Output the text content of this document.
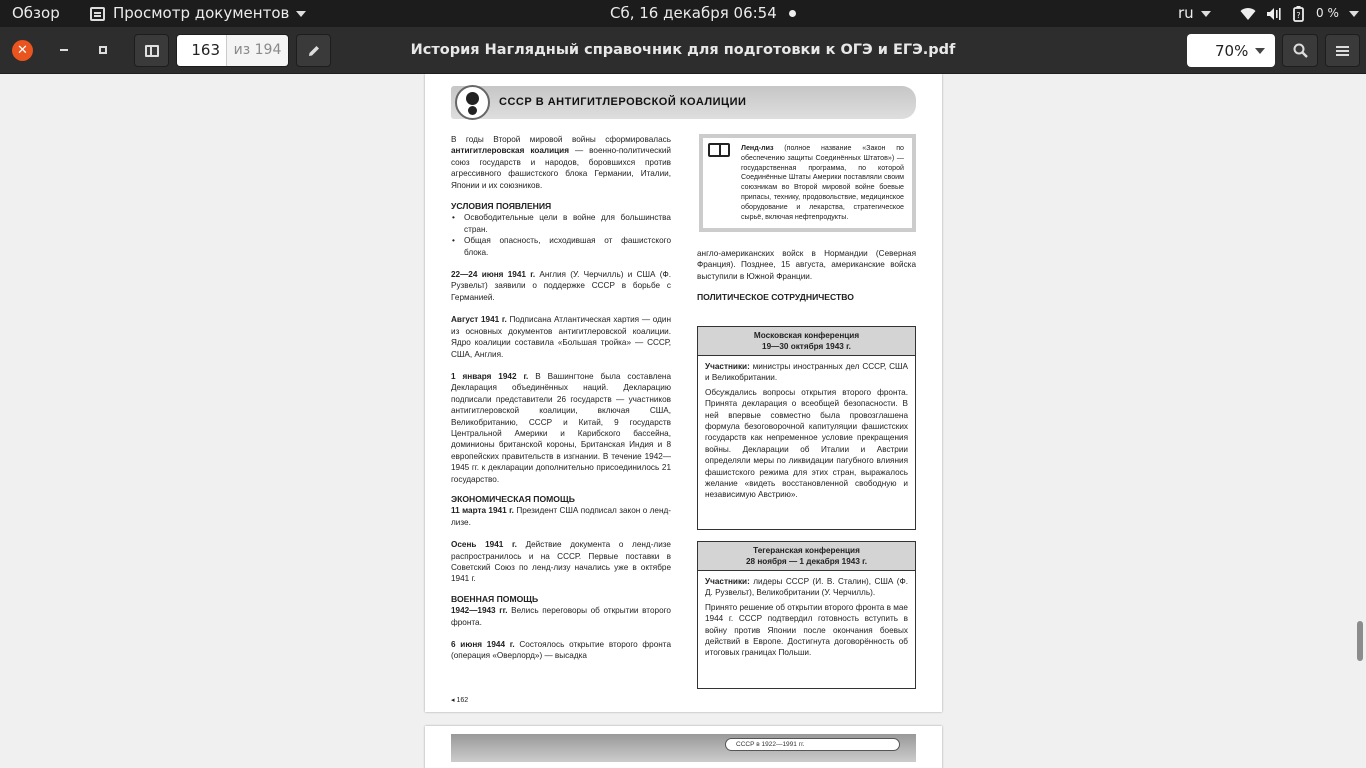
Обзор	Просмотр документов	Сб, 16 декабря 06:54	ru	? 0 %
✕	163 из 194	История Наглядный справочник для подготовки к ОГЭ и ЕГЭ.pdf	70%
СССР В АНТИГИТЛЕРОВСКОЙ КОАЛИЦИИ

В годы Второй мировой войны сформировалась антигитлеровская коалиция — военно-политический союз государств и народов, боровшихся против агрессивного фашистского блока Германии, Италии, Японии и их союзников.

УСЛОВИЯ ПОЯВЛЕНИЯ

• Освободительные цели в войне для большинства стран.

• Общая опасность, исходившая от фашистского блока.

22—24 июня 1941 г. Англия (У. Черчилль) и США (Ф. Рузвельт) заявили о поддержке СССР в борьбе с Германией.

Август 1941 г. Подписана Атлантическая хартия — один из основных документов антигитлеровской коалиции. Ядро коалиции составила «Большая тройка» — СССР, США, Англия.

1 января 1942 г. В Вашингтоне была составлена Декларация объединённых наций. Декларацию подписали представители 26 государств — участников антигитлеровской коалиции, включая США, Великобританию, СССР и Китай, 9 государств Центральной Америки и Карибского бассейна, доминионы британской короны, Британская Индия и 8 европейских правительств в изгнании. В течение 1942—1945 гг. к декларации дополнительно присоединилось 21 государство.

ЭКОНОМИЧЕСКАЯ ПОМОЩЬ

11 марта 1941 г. Президент США подписал закон о ленд-лизе.

Осень 1941 г. Действие документа о ленд-лизе распространилось и на СССР. Первые поставки в Советский Союз по ленд-лизу начались уже в октябре 1941 г.

ВОЕННАЯ ПОМОЩЬ

1942—1943 гг. Велись переговоры об открытии второго фронта.

6 июня 1944 г. Состоялось открытие второго фронта (операция «Оверлорд») — высадка

◂ 162
Ленд-лиз (полное название «Закон по обеспечению защиты Соединённых Штатов») — государственная программа, по которой Соединённые Штаты Америки поставляли своим союзникам во Второй мировой войне боевые припасы, технику, продовольствие, медицинское оборудование и лекарства, стратегическое сырьё, включая нефтепродукты.

англо-американских войск в Нормандии (Северная Франция). Позднее, 15 августа, американские войска выступили в Южной Франции.

ПОЛИТИЧЕСКОЕ СОТРУДНИЧЕСТВО

Московская конференция
19—30 октября 1943 г.

Участники: министры иностранных дел СССР, США и Великобритании.

Обсуждались вопросы открытия второго фронта. Принята декларация о всеобщей безопасности. В ней впервые совместно была провозглашена формула безоговорочной капитуляции фашистских государств как непременное условие прекращения войны. Декларации об Италии и Австрии определяли меры по ликвидации пагубного влияния фашистского режима для этих стран, выражалось желание «видеть восстановленной свободную и независимую Австрию».

Тегеранская конференция
28 ноября — 1 декабря 1943 г.

Участники: лидеры СССР (И. В. Сталин), США (Ф. Д. Рузвельт), Великобритании (У. Черчилль).

Принято решение об открытии второго фронта в мае 1944 г. СССР подтвердил готовность вступить в войну против Японии после окончания боевых действий в Европе. Достигнута договорённость об итоговых границах Польши.

СССР в 1922—1991 гг.
